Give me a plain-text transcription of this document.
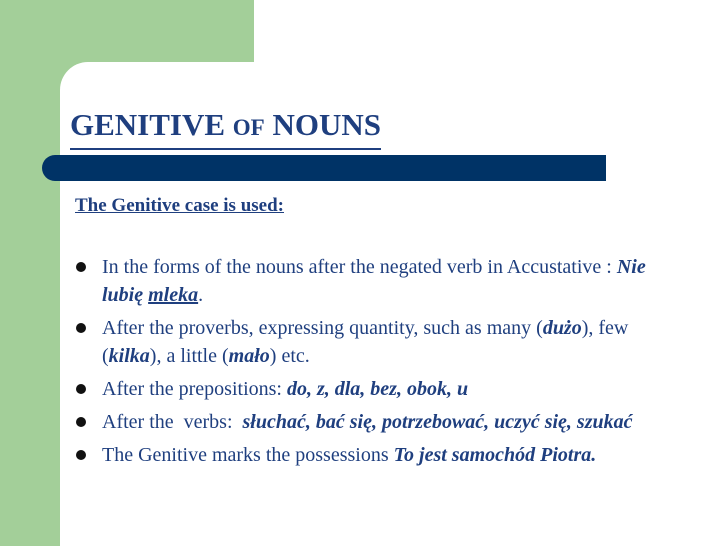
GENITIVE OF NOUNS
The Genitive case is used:
In the forms of the nouns after the negated verb in Accustative : Nie lubię mleka.
After the proverbs, expressing quantity, such as many (dużo), few (kilka), a little (mało) etc.
After the prepositions: do, z, dla, bez, obok, u
After the  verbs:  słuchać, bać się, potrzebować, uczyć się, szukać
The Genitive marks the possessions To jest samochód Piotra.
